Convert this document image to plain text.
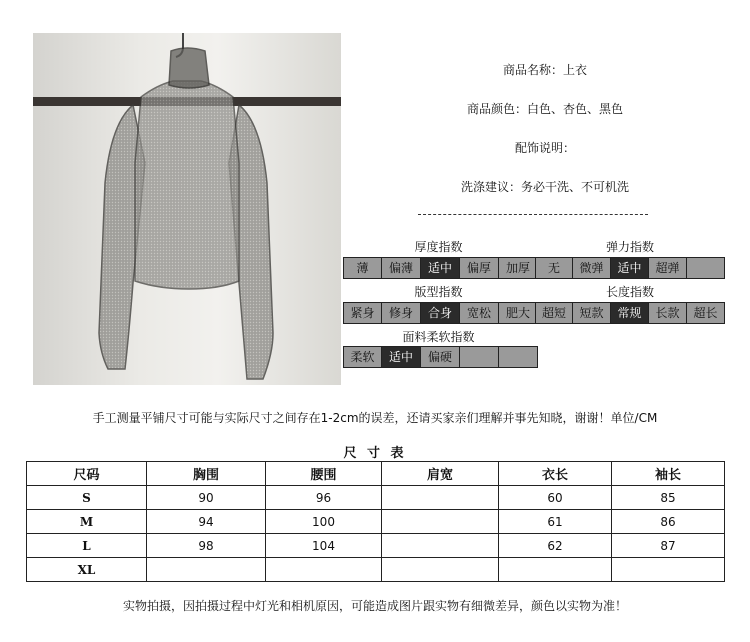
商品名称：上衣
商品颜色：白色、杏色、黑色
配饰说明：
洗涤建议：务必干洗、不可机洗
厚度指数	弹力指数
版型指数	长度指数
面料柔软指数
薄	偏薄	适中	偏厚	加厚	无	微弹	适中	超弹
紧身	修身	合身	宽松	肥大 超短	短款	常规	长款	超长
柔软	适中	偏硬
手工测量平铺尺寸可能与实际尺寸之间存在1-2cm的误差，还请买家亲们理解并事先知晓，谢谢！单位/CM
尺 寸 表
尺码	胸围	腰围	肩宽	衣长	袖长
S	90	96		60	85
M	94	100		61	86
L	98	104		62	87
XL					
实物拍摄，因拍摄过程中灯光和相机原因，可能造成图片跟实物有细微差异，颜色以实物为准！
